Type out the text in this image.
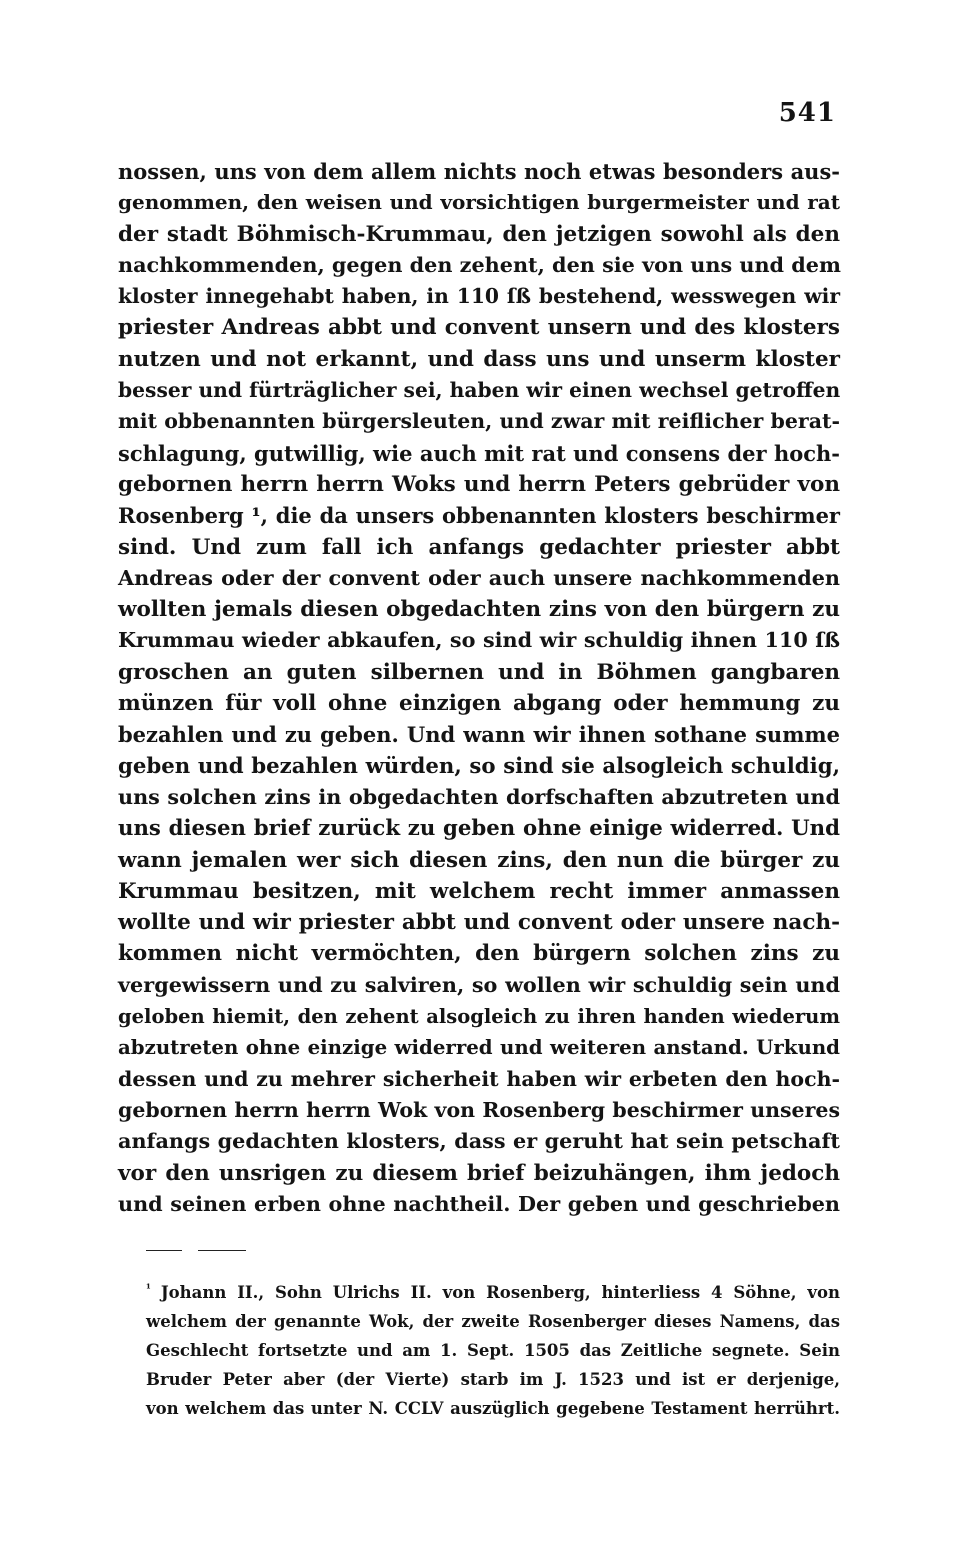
541
nossen, uns von dem allem nichts noch etwas besonders aus-
genommen, den weisen und vorsichtigen burgermeister und rat
der stadt Böhmisch-Krummau, den jetzigen sowohl als den
nachkommenden, gegen den zehent, den sie von uns und dem
kloster innegehabt haben, in 110 ſß bestehend, wesswegen wir
priester Andreas abbt und convent unsern und des klosters
nutzen und not erkannt, und dass uns und unserm kloster
besser und fürträglicher sei, haben wir einen wechsel getroffen
mit obbenannten bürgersleuten, und zwar mit reiflicher berat-
schlagung, gutwillig, wie auch mit rat und consens der hoch-
gebornen herrn herrn Woks und herrn Peters gebrüder von
Rosenberg ¹, die da unsers obbenannten klosters beschirmer
sind. Und zum fall ich anfangs gedachter priester abbt
Andreas oder der convent oder auch unsere nachkommenden
wollten jemals diesen obgedachten zins von den bürgern zu
Krummau wieder abkaufen, so sind wir schuldig ihnen 110 ſß
groschen an guten silbernen und in Böhmen gangbaren
münzen für voll ohne einzigen abgang oder hemmung zu
bezahlen und zu geben. Und wann wir ihnen sothane summe
geben und bezahlen würden, so sind sie alsogleich schuldig,
uns solchen zins in obgedachten dorfschaften abzutreten und
uns diesen brief zurück zu geben ohne einige widerred. Und
wann jemalen wer sich diesen zins, den nun die bürger zu
Krummau besitzen, mit welchem recht immer anmassen
wollte und wir priester abbt und convent oder unsere nach-
kommen nicht vermöchten, den bürgern solchen zins zu
vergewissern und zu salviren, so wollen wir schuldig sein und
geloben hiemit, den zehent alsogleich zu ihren handen wiederum
abzutreten ohne einzige widerred und weiteren anstand. Urkund
dessen und zu mehrer sicherheit haben wir erbeten den hoch-
gebornen herrn herrn Wok von Rosenberg beschirmer unseres
anfangs gedachten klosters, dass er geruht hat sein petschaft
vor den unsrigen zu diesem brief beizuhängen, ihm jedoch
und seinen erben ohne nachtheil. Der geben und geschrieben
$^{^1}$ Johann II., Sohn Ulrichs II. von Rosenberg, hinterliess 4 Söhne, von
welchem der genannte Wok, der zweite Rosenberger dieses Namens, das
Geschlecht fortsetzte und am 1. Sept. 1505 das Zeitliche segnete. Sein
Bruder Peter aber (der Vierte) starb im J. 1523 und ist er derjenige,
von welchem das unter N. CCLV auszüglich gegebene Testament herrührt.
